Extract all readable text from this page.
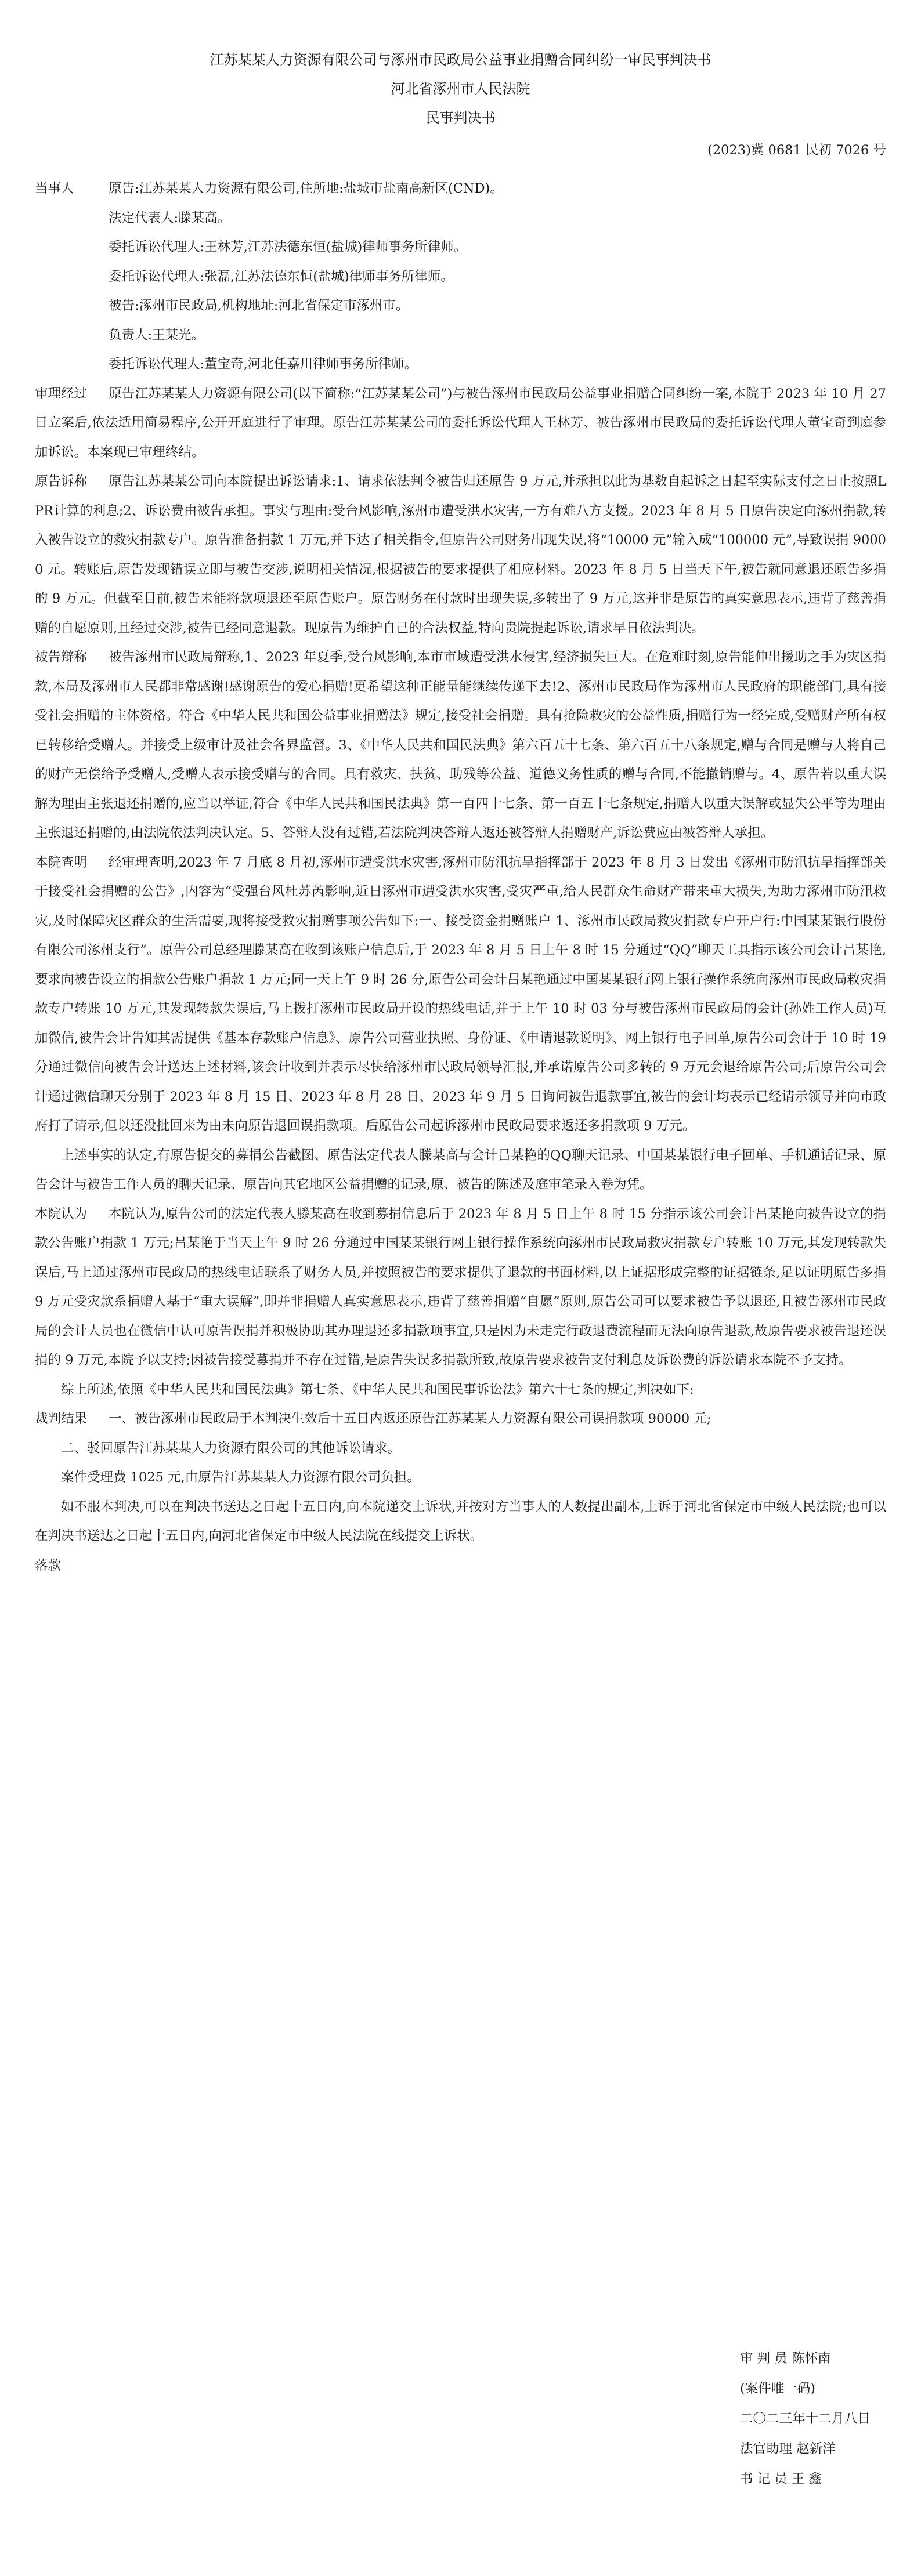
江苏某某人力资源有限公司与涿州市民政局公益事业捐赠合同纠纷一审民事判决书
河北省涿州市人民法院
民事判决书
(2023)冀 0681 民初 7026 号

当事人	原告:江苏某某人力资源有限公司,住所地:盐城市盐南高新区(CND)。

法定代表人:滕某高。

委托诉讼代理人:王林芳,江苏法德东恒(盐城)律师事务所律师。

委托诉讼代理人:张磊,江苏法德东恒(盐城)律师事务所律师。

被告:涿州市民政局,机构地址:河北省保定市涿州市。

负责人:王某光。

委托诉讼代理人:董宝奇,河北任嘉川律师事务所律师。

审理经过 原告江苏某某人力资源有限公司(以下简称:“江苏某某公司”)与被告涿州市民政局公益事业捐赠合同纠纷一案,本院于 2023 年 10 月 27 日立案后,依法适用简易程序,公开开庭进行了审理。原告江苏某某公司的委托诉讼代理人王林芳、被告涿州市民政局的委托诉讼代理人董宝奇到庭参加诉讼。本案现已审理终结。

原告诉称 原告江苏某某公司向本院提出诉讼请求:1、请求依法判令被告归还原告 9 万元,并承担以此为基数自起诉之日起至实际支付之日止按照LPR计算的利息;2、诉讼费由被告承担。事实与理由:受台风影响,涿州市遭受洪水灾害,一方有难八方支援。2023 年 8 月 5 日原告决定向涿州捐款,转入被告设立的救灾捐款专户。原告准备捐款 1 万元,并下达了相关指令,但原告公司财务出现失误,将“10000 元”输入成“100000 元”,导致误捐 90000 元。转账后,原告发现错误立即与被告交涉,说明相关情况,根据被告的要求提供了相应材料。2023 年 8 月 5 日当天下午,被告就同意退还原告多捐的 9 万元。但截至目前,被告未能将款项退还至原告账户。原告财务在付款时出现失误,多转出了 9 万元,这并非是原告的真实意思表示,违背了慈善捐赠的自愿原则,且经过交涉,被告已经同意退款。现原告为维护自己的合法权益,特向贵院提起诉讼,请求早日依法判决。

被告辩称 被告涿州市民政局辩称,1、2023 年夏季,受台风影响,本市市域遭受洪水侵害,经济损失巨大。在危难时刻,原告能伸出援助之手为灾区捐款,本局及涿州市人民都非常感谢!感谢原告的爱心捐赠!更希望这种正能量能继续传递下去!2、涿州市民政局作为涿州市人民政府的职能部门,具有接受社会捐赠的主体资格。符合《中华人民共和国公益事业捐赠法》规定,接受社会捐赠。具有抢险救灾的公益性质,捐赠行为一经完成,受赠财产所有权已转移给受赠人。并接受上级审计及社会各界监督。3、《中华人民共和国民法典》第六百五十七条、第六百五十八条规定,赠与合同是赠与人将自己的财产无偿给予受赠人,受赠人表示接受赠与的合同。具有救灾、扶贫、助残等公益、道德义务性质的赠与合同,不能撤销赠与。4、原告若以重大误解为理由主张退还捐赠的,应当以举证,符合《中华人民共和国民法典》第一百四十七条、第一百五十七条规定,捐赠人以重大误解或显失公平等为理由主张退还捐赠的,由法院依法判决认定。5、答辩人没有过错,若法院判决答辩人返还被答辩人捐赠财产,诉讼费应由被答辩人承担。

本院查明 经审理查明,2023 年 7 月底 8 月初,涿州市遭受洪水灾害,涿州市防汛抗旱指挥部于 2023 年 8 月 3 日发出《涿州市防汛抗旱指挥部关于接受社会捐赠的公告》,内容为“受强台风杜苏芮影响,近日涿州市遭受洪水灾害,受灾严重,给人民群众生命财产带来重大损失,为助力涿州市防汛救灾,及时保障灾区群众的生活需要,现将接受救灾捐赠事项公告如下:一、接受资金捐赠账户 1、涿州市民政局救灾捐款专户开户行:中国某某银行股份有限公司涿州支行”。原告公司总经理滕某高在收到该账户信息后,于 2023 年 8 月 5 日上午 8 时 15 分通过“QQ”聊天工具指示该公司会计吕某艳,要求向被告设立的捐款公告账户捐款 1 万元;同一天上午 9 时 26 分,原告公司会计吕某艳通过中国某某银行网上银行操作系统向涿州市民政局救灾捐款专户转账 10 万元,其发现转款失误后,马上拨打涿州市民政局开设的热线电话,并于上午 10 时 03 分与被告涿州市民政局的会计(孙姓工作人员)互加微信,被告会计告知其需提供《基本存款账户信息》、原告公司营业执照、身份证、《申请退款说明》、网上银行电子回单,原告公司会计于 10 时 19 分通过微信向被告会计送达上述材料,该会计收到并表示尽快给涿州市民政局领导汇报,并承诺原告公司多转的 9 万元会退给原告公司;后原告公司会计通过微信聊天分别于 2023 年 8 月 15 日、2023 年 8 月 28 日、2023 年 9 月 5 日询问被告退款事宜,被告的会计均表示已经请示领导并向市政府打了请示,但以还没批回来为由未向原告退回误捐款项。后原告公司起诉涿州市民政局要求返还多捐款项 9 万元。

上述事实的认定,有原告提交的募捐公告截图、原告法定代表人滕某高与会计吕某艳的QQ聊天记录、中国某某银行电子回单、手机通话记录、原告会计与被告工作人员的聊天记录、原告向其它地区公益捐赠的记录,原、被告的陈述及庭审笔录入卷为凭。

本院认为 本院认为,原告公司的法定代表人滕某高在收到募捐信息后于 2023 年 8 月 5 日上午 8 时 15 分指示该公司会计吕某艳向被告设立的捐款公告账户捐款 1 万元;吕某艳于当天上午 9 时 26 分通过中国某某银行网上银行操作系统向涿州市民政局救灾捐款专户转账 10 万元,其发现转款失误后,马上通过涿州市民政局的热线电话联系了财务人员,并按照被告的要求提供了退款的书面材料,以上证据形成完整的证据链条,足以证明原告多捐 9 万元受灾款系捐赠人基于“重大误解”,即并非捐赠人真实意思表示,违背了慈善捐赠“自愿”原则,原告公司可以要求被告予以退还,且被告涿州市民政局的会计人员也在微信中认可原告误捐并积极协助其办理退还多捐款项事宜,只是因为未走完行政退费流程而无法向原告退款,故原告要求被告退还误捐的 9 万元,本院予以支持;因被告接受募捐并不存在过错,是原告失误多捐款所致,故原告要求被告支付利息及诉讼费的诉讼请求本院不予支持。

综上所述,依照《中华人民共和国民法典》第七条、《中华人民共和国民事诉讼法》第六十七条的规定,判决如下:

裁判结果 一、被告涿州市民政局于本判决生效后十五日内返还原告江苏某某人力资源有限公司误捐款项 90000 元;

二、驳回原告江苏某某人力资源有限公司的其他诉讼请求。

案件受理费 1025 元,由原告江苏某某人力资源有限公司负担。

如不服本判决,可以在判决书送达之日起十五日内,向本院递交上诉状,并按对方当事人的人数提出副本,上诉于河北省保定市中级人民法院;也可以在判决书送达之日起十五日内,向河北省保定市中级人民法院在线提交上诉状。

落款

审 判 员 陈怀南
(案件唯一码)
二〇二三年十二月八日
法官助理 赵新洋
书 记 员 王 鑫
